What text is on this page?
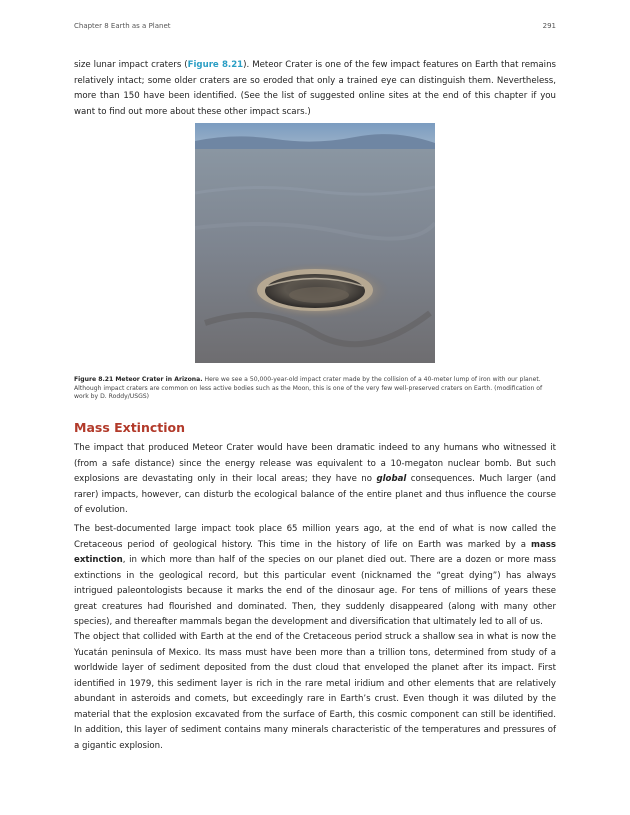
Chapter 8 Earth as a Planet	291

size lunar impact craters (Figure 8.21). Meteor Crater is one of the few impact features on Earth that remains relatively intact; some older craters are so eroded that only a trained eye can distinguish them. Nevertheless, more than 150 have been identified. (See the list of suggested online sites at the end of this chapter if you want to find out more about these other impact scars.)

Figure 8.21 Meteor Crater in Arizona. Here we see a 50,000-year-old impact crater made by the collision of a 40-meter lump of iron with our planet. Although impact craters are common on less active bodies such as the Moon, this is one of the very few well-preserved craters on Earth. (modification of work by D. Roddy/USGS)

Mass Extinction

The impact that produced Meteor Crater would have been dramatic indeed to any humans who witnessed it (from a safe distance) since the energy release was equivalent to a 10-megaton nuclear bomb. But such explosions are devastating only in their local areas; they have no global consequences. Much larger (and rarer) impacts, however, can disturb the ecological balance of the entire planet and thus influence the course of evolution.

The best-documented large impact took place 65 million years ago, at the end of what is now called the Cretaceous period of geological history. This time in the history of life on Earth was marked by a mass extinction, in which more than half of the species on our planet died out. There are a dozen or more mass extinctions in the geological record, but this particular event (nicknamed the “great dying”) has always intrigued paleontologists because it marks the end of the dinosaur age. For tens of millions of years these great creatures had flourished and dominated. Then, they suddenly disappeared (along with many other species), and thereafter mammals began the development and diversification that ultimately led to all of us.

The object that collided with Earth at the end of the Cretaceous period struck a shallow sea in what is now the Yucatán peninsula of Mexico. Its mass must have been more than a trillion tons, determined from study of a worldwide layer of sediment deposited from the dust cloud that enveloped the planet after its impact. First identified in 1979, this sediment layer is rich in the rare metal iridium and other elements that are relatively abundant in asteroids and comets, but exceedingly rare in Earth’s crust. Even though it was diluted by the material that the explosion excavated from the surface of Earth, this cosmic component can still be identified. In addition, this layer of sediment contains many minerals characteristic of the temperatures and pressures of a gigantic explosion.
